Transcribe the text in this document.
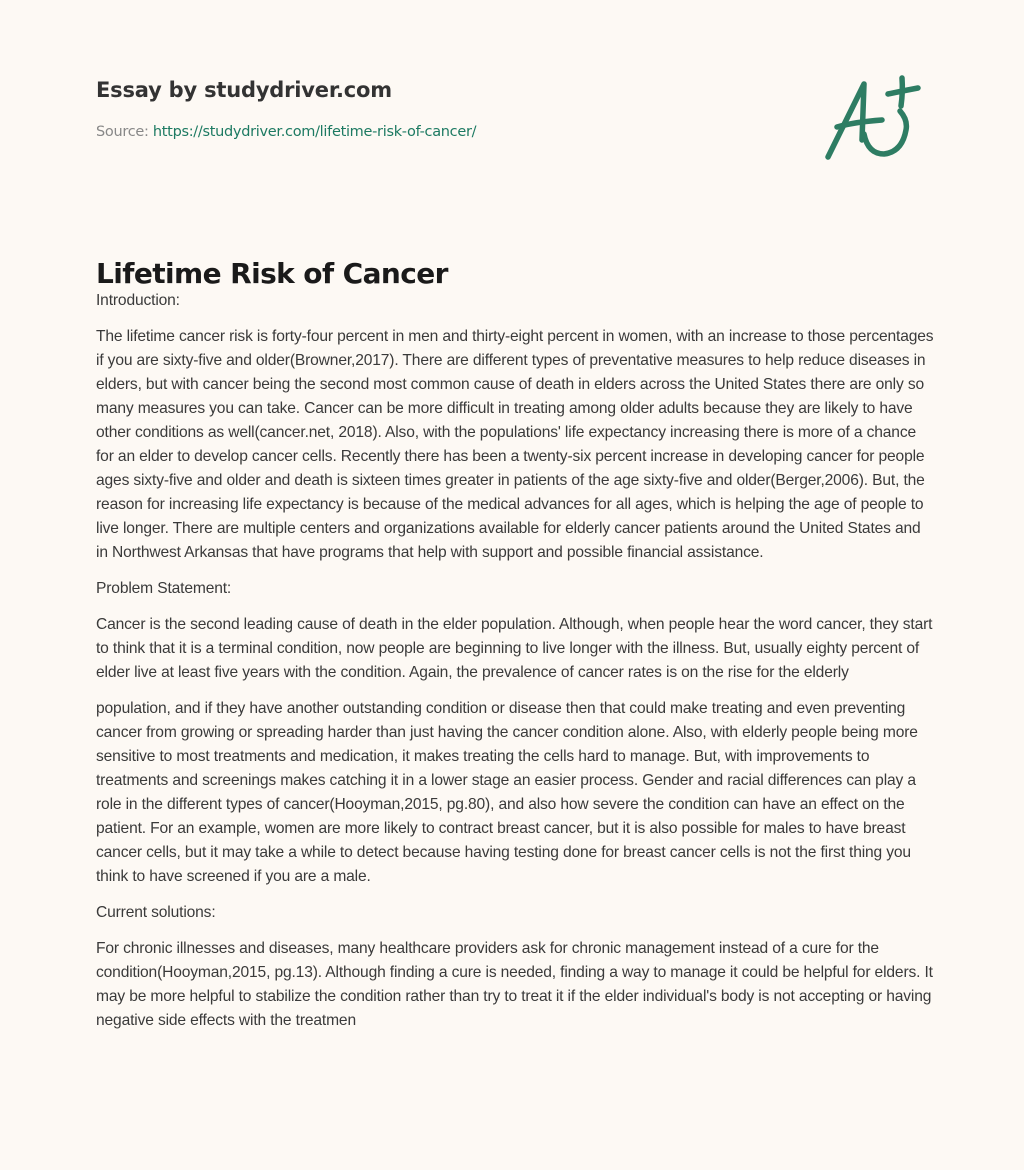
Essay by studydriver.com
Source: https://studydriver.com/lifetime-risk-of-cancer/
Lifetime Risk of Cancer

Introduction:

The lifetime cancer risk is forty-four percent in men and thirty-eight percent in women, with an increase to those percentages if you are sixty-five and older(Browner,2017). There are different types of preventative measures to help reduce diseases in elders, but with cancer being the second most common cause of death in elders across the United States there are only so many measures you can take. Cancer can be more difficult in treating among older adults because they are likely to have other conditions as well(cancer.net, 2018). Also, with the populations' life expectancy increasing there is more of a chance for an elder to develop cancer cells. Recently there has been a twenty-six percent increase in developing cancer for people ages sixty-five and older and death is sixteen times greater in patients of the age sixty-five and older(Berger,2006). But, the reason for increasing life expectancy is because of the medical advances for all ages, which is helping the age of people to live longer. There are multiple centers and organizations available for elderly cancer patients around the United States and in Northwest Arkansas that have programs that help with support and possible financial assistance.

Problem Statement:

Cancer is the second leading cause of death in the elder population. Although, when people hear the word cancer, they start to think that it is a terminal condition, now people are beginning to live longer with the illness. But, usually eighty percent of elder live at least five years with the condition. Again, the prevalence of cancer rates is on the rise for the elderly

population, and if they have another outstanding condition or disease then that could make treating and even preventing cancer from growing or spreading harder than just having the cancer condition alone. Also, with elderly people being more sensitive to most treatments and medication, it makes treating the cells hard to manage. But, with improvements to treatments and screenings makes catching it in a lower stage an easier process. Gender and racial differences can play a role in the different types of cancer(Hooyman,2015, pg.80), and also how severe the condition can have an effect on the patient. For an example, women are more likely to contract breast cancer, but it is also possible for males to have breast cancer cells, but it may take a while to detect because having testing done for breast cancer cells is not the first thing you think to have screened if you are a male.

Current solutions:

For chronic illnesses and diseases, many healthcare providers ask for chronic management instead of a cure for the condition(Hooyman,2015, pg.13). Although finding a cure is needed, finding a way to manage it could be helpful for elders. It may be more helpful to stabilize the condition rather than try to treat it if the elder individual's body is not accepting or having negative side effects with the treatmen
